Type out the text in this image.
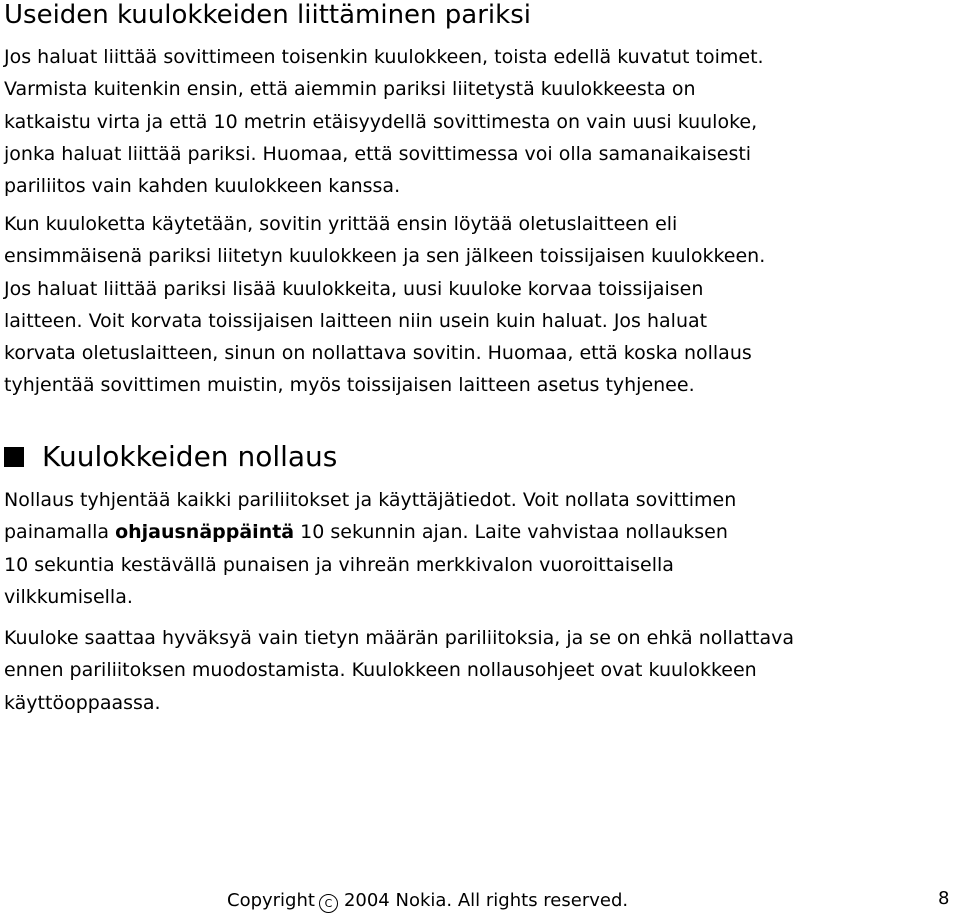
Useiden kuulokkeiden liittäminen pariksi

Jos haluat liittää sovittimeen toisenkin kuulokkeen, toista edellä kuvatut toimet.
Varmista kuitenkin ensin, että aiemmin pariksi liitetystä kuulokkeesta on
katkaistu virta ja että 10 metrin etäisyydellä sovittimesta on vain uusi kuuloke,
jonka haluat liittää pariksi. Huomaa, että sovittimessa voi olla samanaikaisesti
pariliitos vain kahden kuulokkeen kanssa.

Kun kuuloketta käytetään, sovitin yrittää ensin löytää oletuslaitteen eli
ensimmäisenä pariksi liitetyn kuulokkeen ja sen jälkeen toissijaisen kuulokkeen.
Jos haluat liittää pariksi lisää kuulokkeita, uusi kuuloke korvaa toissijaisen
laitteen. Voit korvata toissijaisen laitteen niin usein kuin haluat. Jos haluat
korvata oletuslaitteen, sinun on nollattava sovitin. Huomaa, että koska nollaus
tyhjentää sovittimen muistin, myös toissijaisen laitteen asetus tyhjenee.

Kuulokkeiden nollaus

Nollaus tyhjentää kaikki pariliitokset ja käyttäjätiedot. Voit nollata sovittimen
painamalla ohjausnäppäintä 10 sekunnin ajan. Laite vahvistaa nollauksen
10 sekuntia kestävällä punaisen ja vihreän merkkivalon vuoroittaisella
vilkkumisella.

Kuuloke saattaa hyväksyä vain tietyn määrän pariliitoksia, ja se on ehkä nollattava
ennen pariliitoksen muodostamista. Kuulokkeen nollausohjeet ovat kuulokkeen
käyttöoppaassa.

Copyright C 2004 Nokia. All rights reserved.	8
